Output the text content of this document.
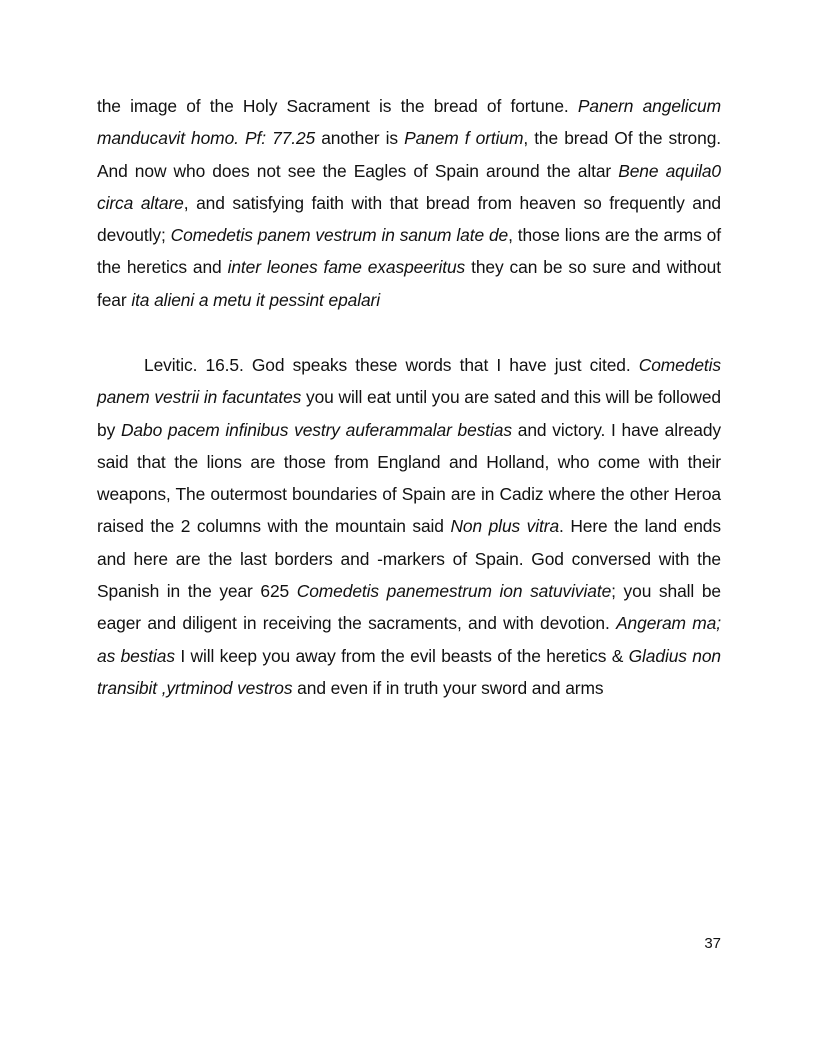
the image of the Holy Sacrament is the bread of fortune. Panern angelicum manducavit homo. Pf: 77.25 another is Panem f ortium, the bread Of the strong. And now who does not see the Eagles of Spain around the altar Bene aquila0 circa altare, and satisfying faith with that bread from heaven so frequently and devoutly; Comedetis panem vestrum in sanum late de, those lions are the arms of the heretics and inter leones fame exaspeeritus they can be so sure and without fear ita alieni a metu it pessint epalari

Levitic. 16.5. God speaks these words that I have just cited. Comedetis panem vestrii in facuntates you will eat until you are sated and this will be followed by Dabo pacem infinibus vestry auferammalar bestias and victory. I have already said that the lions are those from England and Holland, who come with their weapons, The outermost boundaries of Spain are in Cadiz where the other Heroa raised the 2 columns with the mountain said Non plus vitra. Here the land ends and here are the last borders and -markers of Spain. God conversed with the Spanish in the year 625 Comedetis panemestrum ion satuviviate; you shall be eager and diligent in receiving the sacraments, and with devotion. Angeram ma; as bestias I will keep you away from the evil beasts of the heretics & Gladius non transibit ,yrtminod vestros and even if in truth your sword and arms

37
